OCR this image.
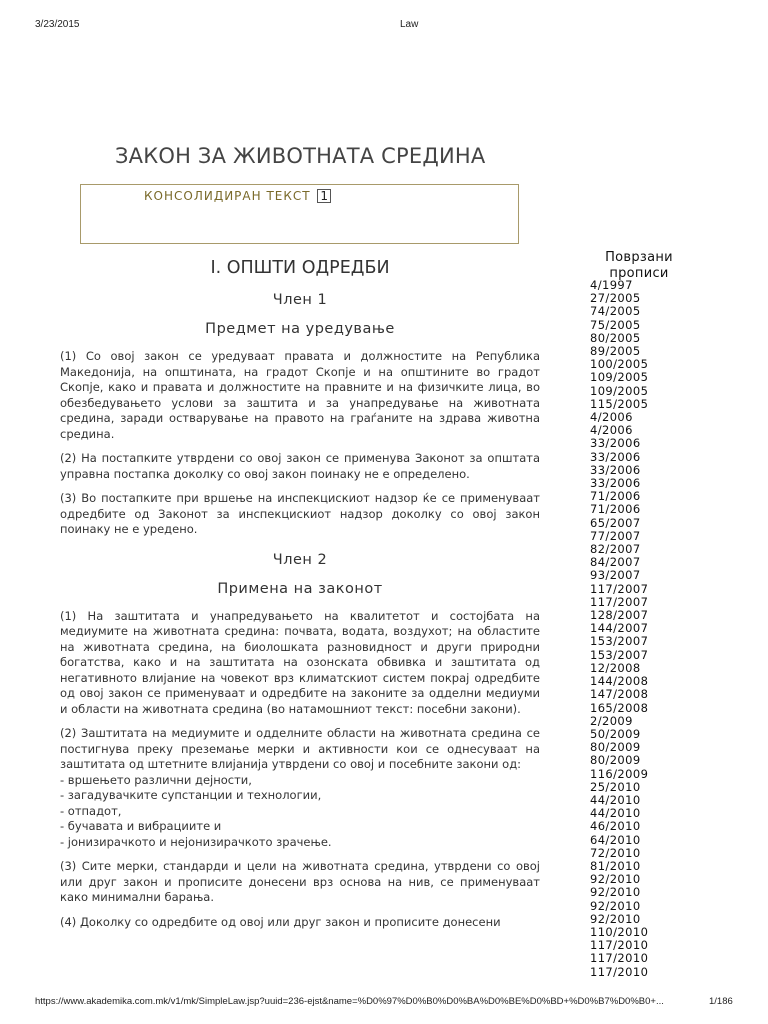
3/23/2015	Law
ЗАКОН ЗА ЖИВОТНАТА СРЕДИНА
КОНСОЛИДИРАН ТЕКСТ 1
I. ОПШТИ ОДРЕДБИ
Член 1
Предмет на уредување

(1) Со овој закон се уредуваат правата и должностите на Република Македонија, на општината, на градот Скопје и на општините во градот Скопје, како и правата и должностите на правните и на физичките лица, во обезбедувањето услови за заштита и за унапредување на животната средина, заради остварување на правото на граѓаните на здрава животна средина.

(2) На постапките утврдени со овој закон се применува Законот за општата управна постапка доколку со овој закон поинаку не е определено.

(3) Во постапките при вршење на инспекцискиот надзор ќе се применуваат одредбите од Законот за инспекцискиот надзор доколку со овој закон поинаку не е уредено.

Член 2
Примена на законот

(1) На заштитата и унапредувањето на квалитетот и состојбата на медиумите на животната средина: почвата, водата, воздухот; на областите на животната средина, на биолошката разновидност и други природни богатства, како и на заштитата на озонската обвивка и заштитата од негативното влијание на човекот врз климатскиот систем покрај одредбите од овој закон се применуваат и одредбите на законите за одделни медиуми и области на животната средина (во натамошниот текст: посебни закони).

(2) Заштитата на медиумите и одделните области на животната средина се постигнува преку преземање мерки и активности кои се однесуваат на заштитата од штетните влијанија утврдени со овој и посебните закони од:
- вршењето различни дејности,
- загадувачките супстанции и технологии,
- отпадот,
- бучавата и вибрациите и
- јонизирачкото и нејонизирачкото зрачење.

(3) Сите мерки, стандарди и цели на животната средина, утврдени со овој или друг закон и прописите донесени врз основа на нив, се применуваат како минимални барања.

(4) Доколку со одредбите од овој или друг закон и прописите донесени

Поврзани
прописи
4/1997
27/2005
74/2005
75/2005
80/2005
89/2005
100/2005
109/2005
109/2005
115/2005
4/2006
4/2006
33/2006
33/2006
33/2006
33/2006
71/2006
71/2006
65/2007
77/2007
82/2007
84/2007
93/2007
117/2007
117/2007
128/2007
144/2007
153/2007
153/2007
12/2008
144/2008
147/2008
165/2008
2/2009
50/2009
80/2009
80/2009
116/2009
25/2010
44/2010
44/2010
46/2010
64/2010
72/2010
81/2010
92/2010
92/2010
92/2010
92/2010
110/2010
117/2010
117/2010
117/2010
https://www.akademika.com.mk/v1/mk/SimpleLaw.jsp?uuid=236-ejst&name=%D0%97%D0%B0%D0%BA%D0%BE%D0%BD+%D0%B7%D0%B0+...	1/186
